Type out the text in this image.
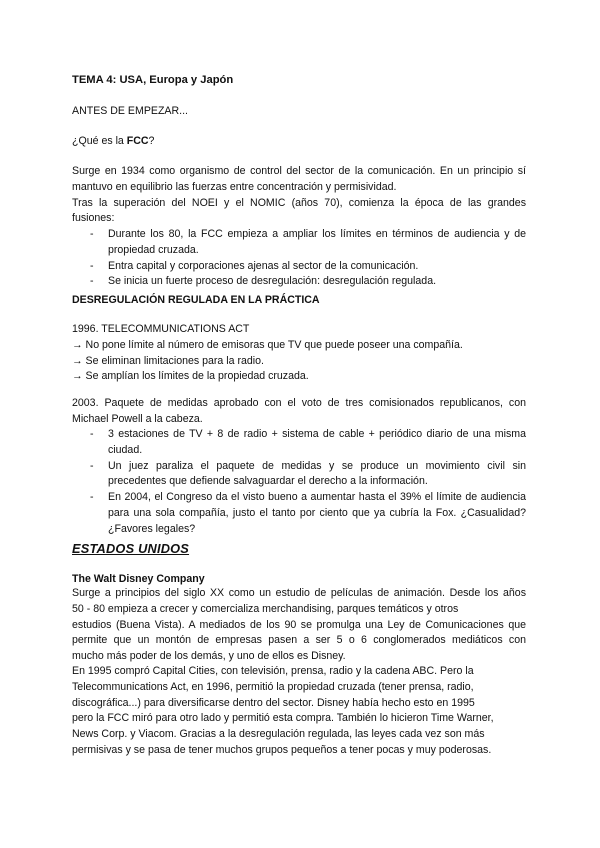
TEMA 4: USA, Europa y Japón

ANTES DE EMPEZAR...

¿Qué es la FCC?

Surge en 1934 como organismo de control del sector de la comunicación. En un principio sí
mantuvo en equilibrio las fuerzas entre concentración y permisividad.
Tras la superación del NOEI y el NOMIC (años 70), comienza la época de las grandes
fusiones:
- Durante los 80, la FCC empieza a ampliar los límites en términos de audiencia y de propiedad cruzada.
- Entra capital y corporaciones ajenas al sector de la comunicación.
- Se inicia un fuerte proceso de desregulación: desregulación regulada.
DESREGULACIÓN REGULADA EN LA PRÁCTICA
1996. TELECOMMUNICATIONS ACT
→ No pone límite al número de emisoras que TV que puede poseer una compañía.
→ Se eliminan limitaciones para la radio.
→ Se amplían los límites de la propiedad cruzada.
2003. Paquete de medidas aprobado con el voto de tres comisionados republicanos, con
Michael Powell a la cabeza.
- 3 estaciones de TV + 8 de radio + sistema de cable + periódico diario de una misma ciudad.
- Un juez paraliza el paquete de medidas y se produce un movimiento civil sin precedentes que defiende salvaguardar el derecho a la información.
- En 2004, el Congreso da el visto bueno a aumentar hasta el 39% el límite de audiencia para una sola compañía, justo el tanto por ciento que ya cubría la Fox. ¿Casualidad? ¿Favores legales?
ESTADOS UNIDOS
The Walt Disney Company
Surge a principios del siglo XX como un estudio de películas de animación. Desde los años
50 - 80 empieza a crecer y comercializa merchandising, parques temáticos y otros
estudios (Buena Vista). A mediados de los 90 se promulga una Ley de Comunicaciones que
permite que un montón de empresas pasen a ser 5 o 6 conglomerados mediáticos con
mucho más poder de los demás, y uno de ellos es Disney.
En 1995 compró Capital Cities, con televisión, prensa, radio y la cadena ABC. Pero la
Telecommunications Act, en 1996, permitió la propiedad cruzada (tener prensa, radio,
discográfica...) para diversificarse dentro del sector. Disney había hecho esto en 1995
pero la FCC miró para otro lado y permitió esta compra. También lo hicieron Time Warner,
News Corp. y Viacom. Gracias a la desregulación regulada, las leyes cada vez son más
permisivas y se pasa de tener muchos grupos pequeños a tener pocas y muy poderosas.
